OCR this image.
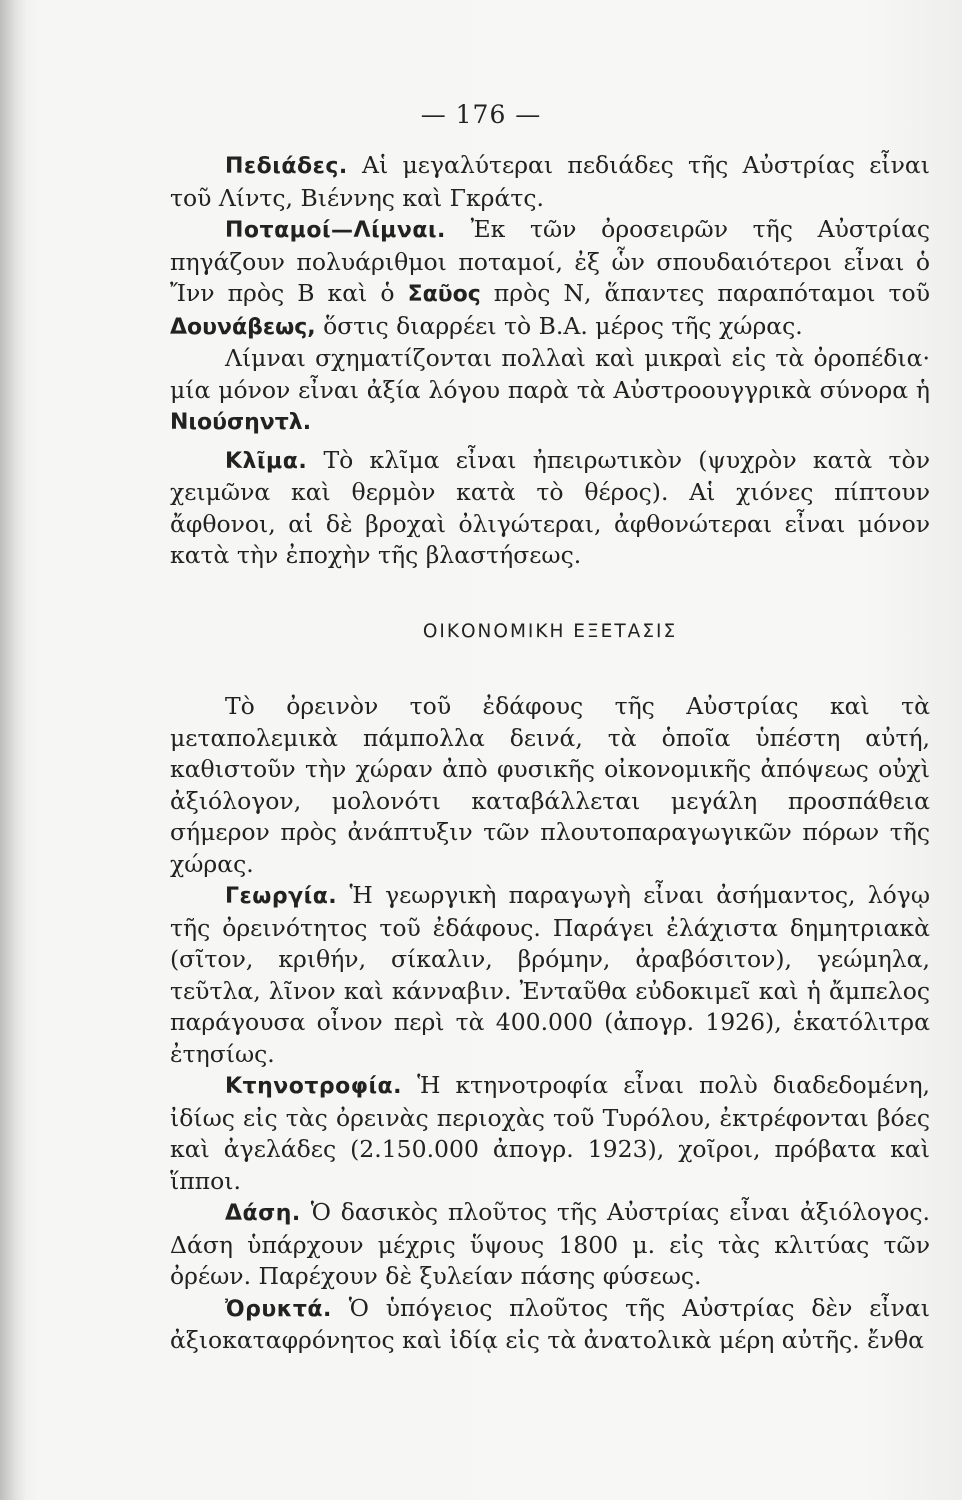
— 176 —

Πεδιάδες. Αἱ μεγαλύτεραι πεδιάδες τῆς Αὐστρίας εἶναι τοῦ Λίντς, Βιέννης καὶ Γκράτς.

Ποταμοί—Λίμναι. Ἐκ τῶν ὀροσειρῶν τῆς Αὐστρίας πηγάζουν πολυάριθμοι ποταμοί, ἐξ ὧν σπουδαιότεροι εἶναι ὁ Ἴνν πρὸς Β καὶ ὁ Σαῦος πρὸς Ν, ἅπαντες παραπόταμοι τοῦ Δουνάβεως, ὅστις διαρρέει τὸ Β.Α. μέρος τῆς χώρας.

Λίμναι σχηματίζονται πολλαὶ καὶ μικραὶ εἰς τὰ ὀροπέδια· μία μόνον εἶναι ἀξία λόγου παρὰ τὰ Αὐστροουγγρικὰ σύνορα ἡ Νιούσηντλ.

Κλῖμα. Τὸ κλῖμα εἶναι ἠπειρωτικὸν (ψυχρὸν κατὰ τὸν χειμῶνα καὶ θερμὸν κατὰ τὸ θέρος). Αἱ χιόνες πίπτουν ἄφθονοι, αἱ δὲ βροχαὶ ὀλιγώτεραι, ἀφθονώτεραι εἶναι μόνον κατὰ τὴν ἐποχὴν τῆς βλαστήσεως.

ΟΙΚΟΝΟΜΙΚΗ ΕΞΕΤΑΣΙΣ

Τὸ ὀρεινὸν τοῦ ἐδάφους τῆς Αὐστρίας καὶ τὰ μεταπολεμικὰ πάμπολλα δεινά, τὰ ὁποῖα ὑπέστη αὐτή, καθιστοῦν τὴν χώραν ἀπὸ φυσικῆς οἰκονομικῆς ἀπόψεως οὐχὶ ἀξιόλογον, μολονότι καταβάλλεται μεγάλη προσπάθεια σήμερον πρὸς ἀνάπτυξιν τῶν πλουτοπαραγωγικῶν πόρων τῆς χώρας.

Γεωργία. Ἡ γεωργικὴ παραγωγὴ εἶναι ἀσήμαντος, λόγῳ τῆς ὀρεινότητος τοῦ ἐδάφους. Παράγει ἐλάχιστα δημητριακὰ (σῖτον, κριθήν, σίκαλιν, βρόμην, ἀραβόσιτον), γεώμηλα, τεῦτλα, λῖνον καὶ κάνναβιν. Ἐνταῦθα εὐδοκιμεῖ καὶ ἡ ἄμπελος παράγουσα οἶνον περὶ τὰ 400.000 (ἀπογρ. 1926), ἑκατόλιτρα ἐτησίως.

Κτηνοτροφία. Ἡ κτηνοτροφία εἶναι πολὺ διαδεδομένη, ἰδίως εἰς τὰς ὀρεινὰς περιοχὰς τοῦ Τυρόλου, ἐκτρέφονται βόες καὶ ἀγελάδες (2.150.000 ἀπογρ. 1923), χοῖροι, πρόβατα καὶ ἵπποι.

Δάση. Ὁ δασικὸς πλοῦτος τῆς Αὐστρίας εἶναι ἀξιόλογος. Δάση ὑπάρχουν μέχρις ὕψους 1800 μ. εἰς τὰς κλιτύας τῶν ὀρέων. Παρέχουν δὲ ξυλείαν πάσης φύσεως.

Ὀρυκτά. Ὁ ὑπόγειος πλοῦτος τῆς Αὐστρίας δὲν εἶναι ἀξιοκαταφρόνητος καὶ ἰδίᾳ εἰς τὰ ἀνατολικὰ μέρη αὐτῆς. ἔνθα
